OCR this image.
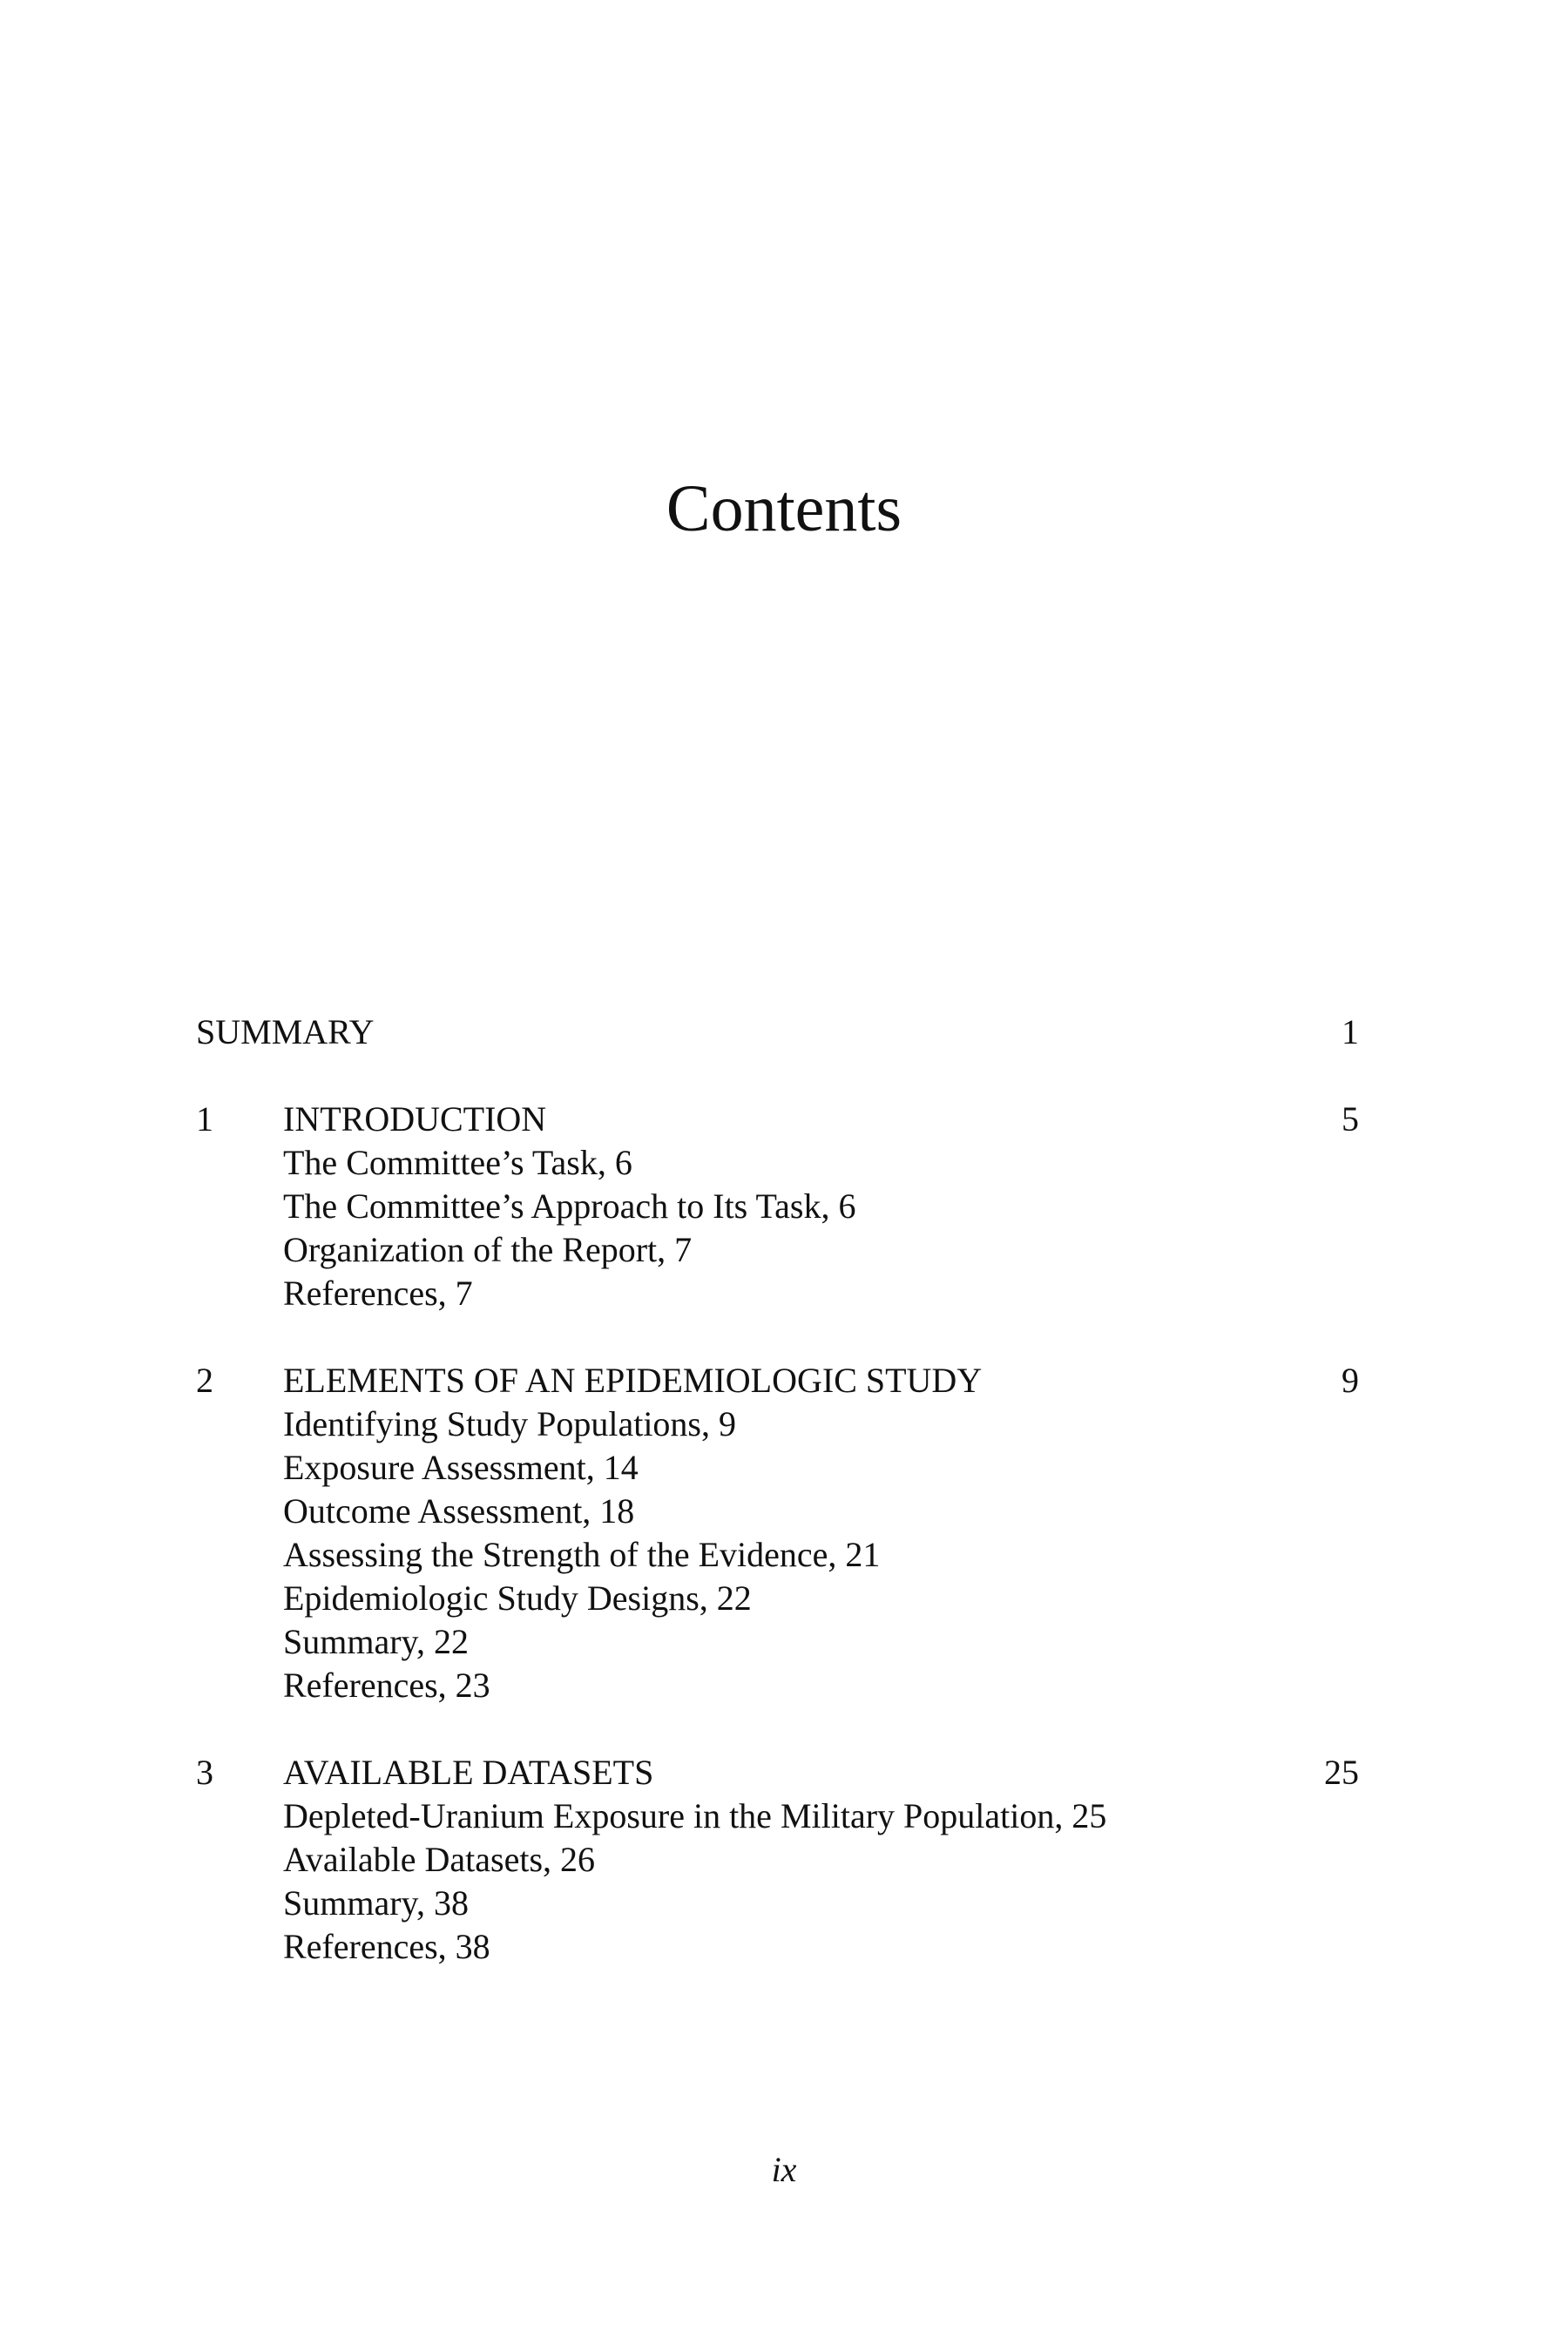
Contents
SUMMARY	1
1 INTRODUCTION	5
The Committee’s Task, 6
The Committee’s Approach to Its Task, 6
Organization of the Report, 7
References, 7
2 ELEMENTS OF AN EPIDEMIOLOGIC STUDY	9
Identifying Study Populations, 9
Exposure Assessment, 14
Outcome Assessment, 18
Assessing the Strength of the Evidence, 21
Epidemiologic Study Designs, 22
Summary, 22
References, 23
3 AVAILABLE DATASETS	25
Depleted-Uranium Exposure in the Military Population, 25
Available Datasets, 26
Summary, 38
References, 38
ix
